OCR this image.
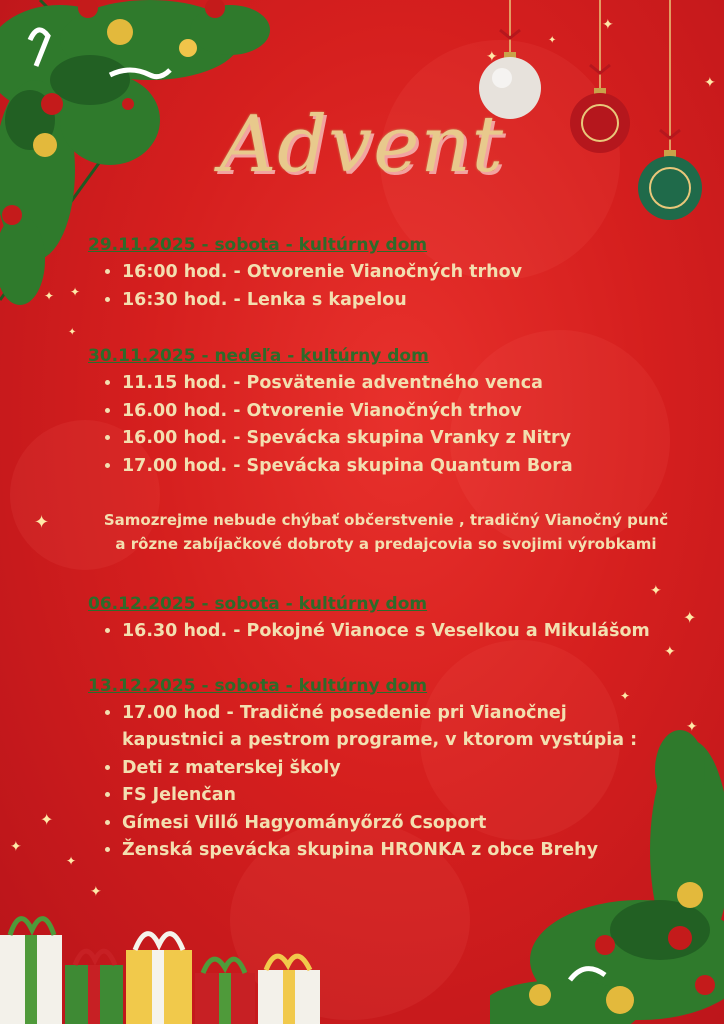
✦
✦
✦
✦
✦ ✦
✦
✦
✦
✦
✦
✦
✦
✦
✦
✦
✦
Advent

29.11.2025 - sobota - kultúrny dom

• 16:00 hod. - Otvorenie Vianočných trhov
• 16:30 hod. - Lenka s kapelou

30.11.2025 - nedeľa - kultúrny dom

• 11.15 hod. - Posvätenie adventného venca
• 16.00 hod. - Otvorenie Vianočných trhov
• 16.00 hod. - Spevácka skupina Vranky z Nitry
• 17.00 hod. - Spevácka skupina Quantum Bora
Samozrejme nebude chýbať občerstvenie , tradičný Vianočný punč
a rôzne zabíjačkové dobroty a predajcovia so svojimi výrobkami

06.12.2025 - sobota - kultúrny dom

• 16.30 hod. - Pokojné Vianoce s Veselkou a Mikulášom

13.12.2025 - sobota - kultúrny dom

• 17.00 hod - Tradičné posedenie pri Vianočnej kapustnici a pestrom programe, v ktorom vystúpia :
• Deti z materskej školy
• FS Jelenčan
• Gímesi Villő Hagyományőrző Csoport
• Ženská spevácka skupina HRONKA z obce Brehy
